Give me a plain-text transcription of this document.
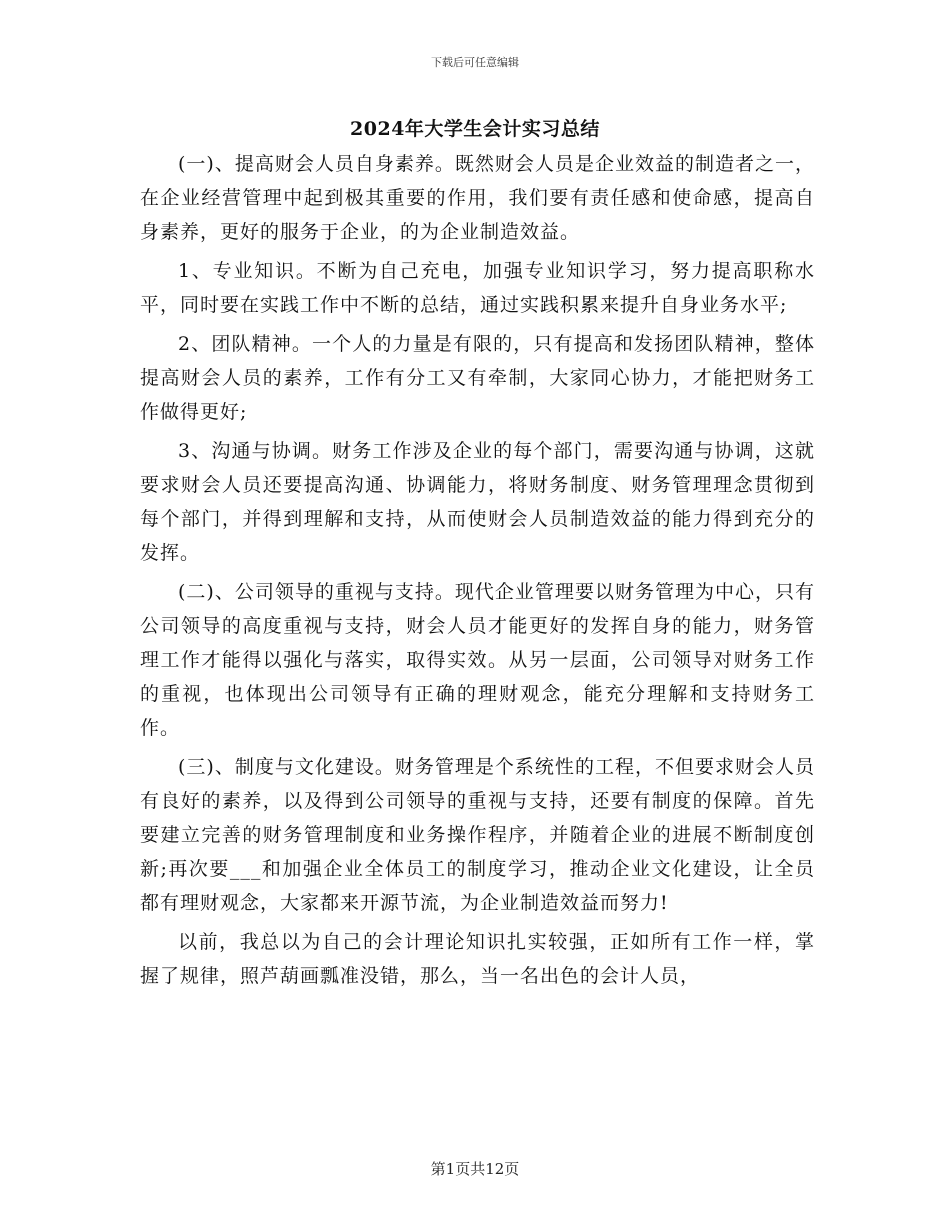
下载后可任意编辑
2024年大学生会计实习总结

(一)、提高财会人员自身素养。既然财会人员是企业效益的制造者之一，在企业经营管理中起到极其重要的作用，我们要有责任感和使命感，提高自身素养，更好的服务于企业，的为企业制造效益。

1、专业知识。不断为自己充电，加强专业知识学习，努力提高职称水平，同时要在实践工作中不断的总结，通过实践积累来提升自身业务水平;

2、团队精神。一个人的力量是有限的，只有提高和发扬团队精神，整体提高财会人员的素养，工作有分工又有牵制，大家同心协力，才能把财务工作做得更好;

3、沟通与协调。财务工作涉及企业的每个部门，需要沟通与协调，这就要求财会人员还要提高沟通、协调能力，将财务制度、财务管理理念贯彻到每个部门，并得到理解和支持，从而使财会人员制造效益的能力得到充分的发挥。

(二)、公司领导的重视与支持。现代企业管理要以财务管理为中心，只有公司领导的高度重视与支持，财会人员才能更好的发挥自身的能力，财务管理工作才能得以强化与落实，取得实效。从另一层面，公司领导对财务工作的重视，也体现出公司领导有正确的理财观念，能充分理解和支持财务工作。

(三)、制度与文化建设。财务管理是个系统性的工程，不但要求财会人员有良好的素养，以及得到公司领导的重视与支持，还要有制度的保障。首先要建立完善的财务管理制度和业务操作程序，并随着企业的进展不断制度创新;再次要___和加强企业全体员工的制度学习，推动企业文化建设，让全员都有理财观念，大家都来开源节流，为企业制造效益而努力!

以前，我总以为自己的会计理论知识扎实较强，正如所有工作一样，掌握了规律，照芦葫画瓢准没错，那么，当一名出色的会计人员，

第1页共12页
